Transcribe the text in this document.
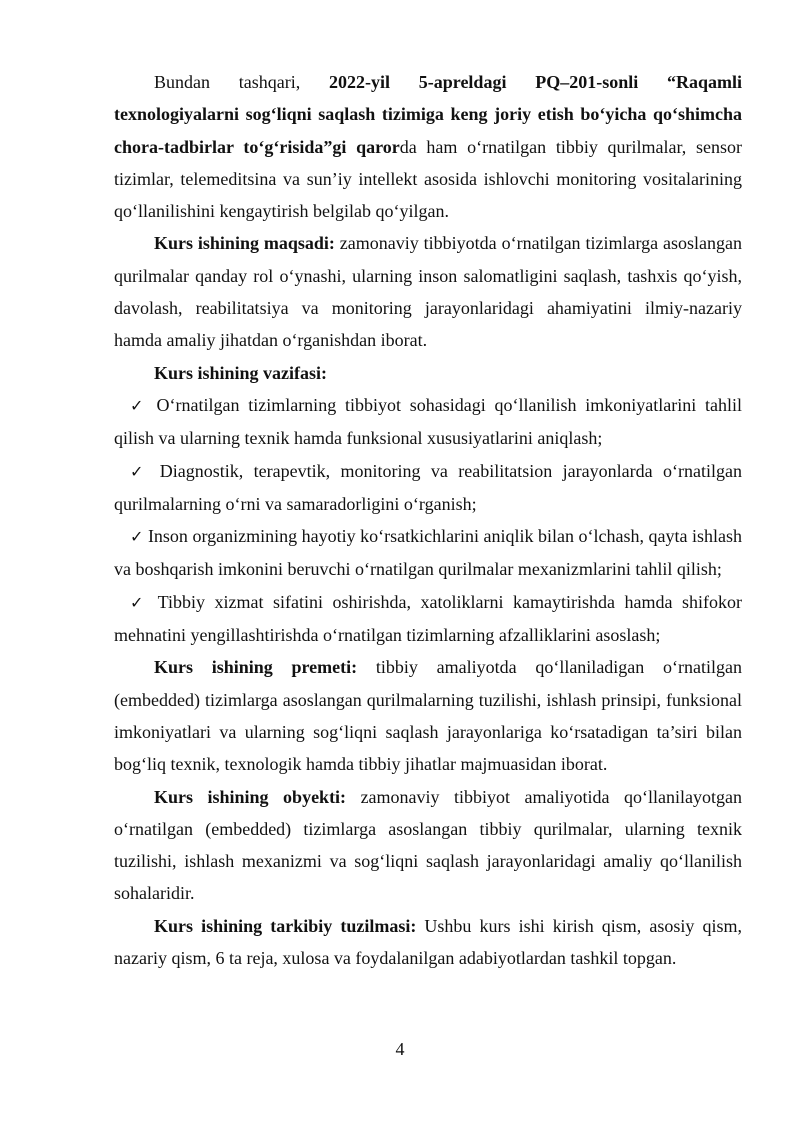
Bundan tashqari, 2022-yil 5-apreldagi PQ–201-sonli “Raqamli texnologiyalarni sog‘liqni saqlash tizimiga keng joriy etish bo‘yicha qo‘shimcha chora-tadbirlar to‘g‘risida”gi qarorda ham o‘rnatilgan tibbiy qurilmalar, sensor tizimlar, telemeditsina va sun’iy intellekt asosida ishlovchi monitoring vositalarining qo‘llanilishini kengaytirish belgilab qo‘yilgan.

Kurs ishining maqsadi: zamonaviy tibbiyotda o‘rnatilgan tizimlarga asoslangan qurilmalar qanday rol o‘ynashi, ularning inson salomatligini saqlash, tashxis qo‘yish, davolash, reabilitatsiya va monitoring jarayonlaridagi ahamiyatini ilmiy-nazariy hamda amaliy jihatdan o‘rganishdan iborat.

Kurs ishining vazifasi:

✓ O‘rnatilgan tizimlarning tibbiyot sohasidagi qo‘llanilish imkoniyatlarini tahlil qilish va ularning texnik hamda funksional xususiyatlarini aniqlash;

✓ Diagnostik, terapevtik, monitoring va reabilitatsion jarayonlarda o‘rnatilgan qurilmalarning o‘rni va samaradorligini o‘rganish;

✓ Inson organizmining hayotiy ko‘rsatkichlarini aniqlik bilan o‘lchash, qayta ishlash va boshqarish imkonini beruvchi o‘rnatilgan qurilmalar mexanizmlarini tahlil qilish;

✓ Tibbiy xizmat sifatini oshirishda, xatoliklarni kamaytirishda hamda shifokor mehnatini yengillashtirishda o‘rnatilgan tizimlarning afzalliklarini asoslash;

Kurs ishining premeti: tibbiy amaliyotda qo‘llaniladigan o‘rnatilgan (embedded) tizimlarga asoslangan qurilmalarning tuzilishi, ishlash prinsipi, funksional imkoniyatlari va ularning sog‘liqni saqlash jarayonlariga ko‘rsatadigan ta’siri bilan bog‘liq texnik, texnologik hamda tibbiy jihatlar majmuasidan iborat.

Kurs ishining obyekti: zamonaviy tibbiyot amaliyotida qo‘llanilayotgan o‘rnatilgan (embedded) tizimlarga asoslangan tibbiy qurilmalar, ularning texnik tuzilishi, ishlash mexanizmi va sog‘liqni saqlash jarayonlaridagi amaliy qo‘llanilish sohalaridir.

Kurs ishining tarkibiy tuzilmasi: Ushbu kurs ishi kirish qism, asosiy qism, nazariy qism, 6 ta reja, xulosa va foydalanilgan adabiyotlardan tashkil topgan.

4
